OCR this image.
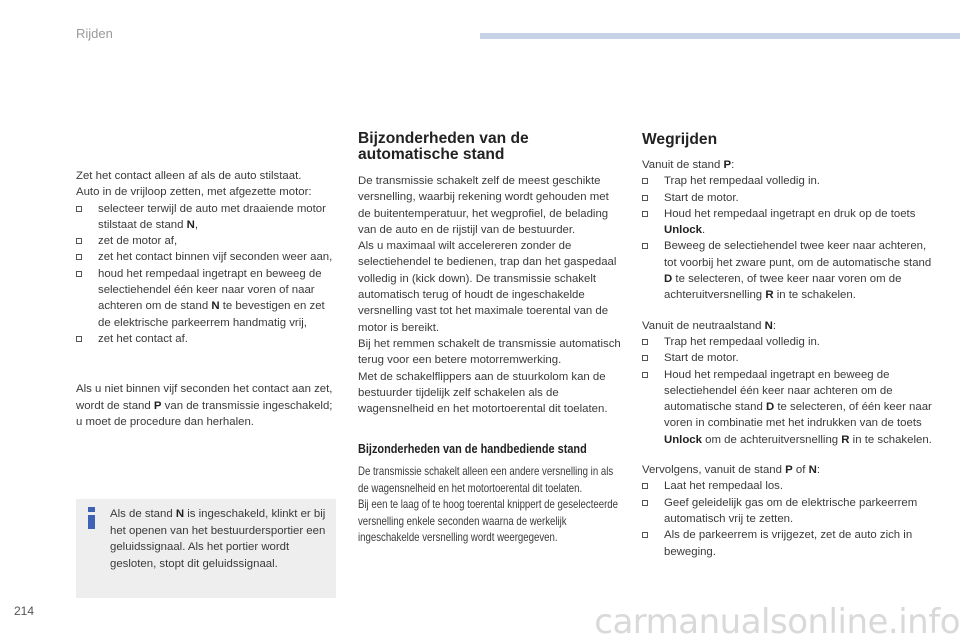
Rijden

Zet het contact alleen af als de auto stilstaat.

Auto in de vrijloop zetten, met afgezette motor:

selecteer terwijl de auto met draaiende motor stilstaat de stand N,
zet de motor af,
zet het contact binnen vijf seconden weer aan,
houd het rempedaal ingetrapt en beweeg de selectiehendel één keer naar voren of naar achteren om de stand N te bevestigen en zet de elektrische parkeerrem handmatig vrij,
zet het contact af.

Als u niet binnen vijf seconden het contact aan zet, wordt de stand P van de transmissie ingeschakeld; u moet de procedure dan herhalen.

Als de stand N is ingeschakeld, klinkt er bij het openen van het bestuurdersportier een geluidssignaal. Als het portier wordt gesloten, stopt dit geluidssignaal.
Bijzonderheden van de automatische stand

De transmissie schakelt zelf de meest geschikte versnelling, waarbij rekening wordt gehouden met de buitentemperatuur, het wegprofiel, de belading van de auto en de rijstijl van de bestuurder.

Als u maximaal wilt accelereren zonder de selectiehendel te bedienen, trap dan het gaspedaal volledig in (kick down). De transmissie schakelt automatisch terug of houdt de ingeschakelde versnelling vast tot het maximale toerental van de motor is bereikt.

Bij het remmen schakelt de transmissie automatisch terug voor een betere motorremwerking.

Met de schakelflippers aan de stuurkolom kan de bestuurder tijdelijk zelf schakelen als de wagensnelheid en het motortoerental dit toelaten.

Bijzonderheden van de handbediende stand

De transmissie schakelt alleen een andere versnelling in als de wagensnelheid en het motortoerental dit toelaten.

Bij een te laag of te hoog toerental knippert de geselecteerde versnelling enkele seconden waarna de werkelijk ingeschakelde versnelling wordt weergegeven.

Wegrijden

Vanuit de stand P:

Trap het rempedaal volledig in.
Start de motor.
Houd het rempedaal ingetrapt en druk op de toets Unlock.
Beweeg de selectiehendel twee keer naar achteren, tot voorbij het zware punt, om de automatische stand D te selecteren, of twee keer naar voren om de achteruitversnelling R in te schakelen.

Vanuit de neutraalstand N:

Trap het rempedaal volledig in.
Start de motor.
Houd het rempedaal ingetrapt en beweeg de selectiehendel één keer naar achteren om de automatische stand D te selecteren, of één keer naar voren in combinatie met het indrukken van de toets Unlock om de achteruitversnelling R in te schakelen.

Vervolgens, vanuit de stand P of N:

Laat het rempedaal los.
Geef geleidelijk gas om de elektrische parkeerrem automatisch vrij te zetten.
Als de parkeerrem is vrijgezet, zet de auto zich in beweging.
214	carmanualsonline.info
